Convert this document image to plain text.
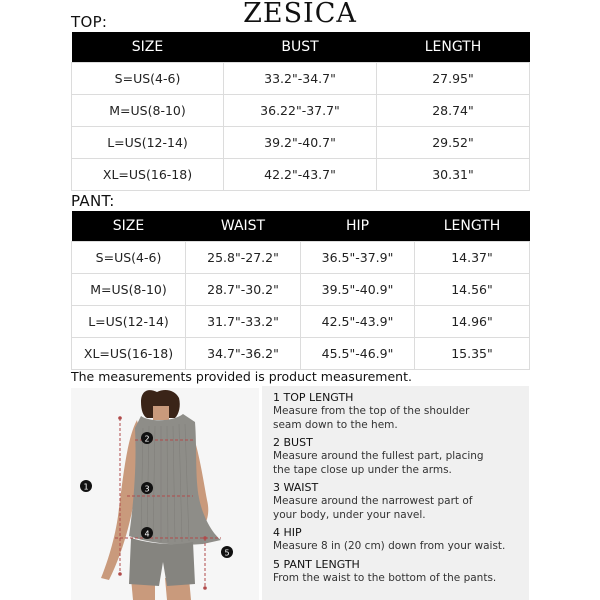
ZESICA
TOP:
SIZE	BUST	LENGTH
S=US(4-6)	33.2"-34.7"	27.95"
M=US(8-10)	36.22"-37.7"	28.74"
L=US(12-14)	39.2"-40.7"	29.52"
XL=US(16-18)	42.2"-43.7"	30.31"
PANT:
SIZE	WAIST	HIP	LENGTH
S=US(4-6)	25.8"-27.2"	36.5"-37.9"	14.37"
M=US(8-10)	28.7"-30.2"	39.5"-40.9"	14.56"
L=US(12-14)	31.7"-33.2"	42.5"-43.9"	14.96"
XL=US(16-18)	34.7"-36.2"	45.5"-46.9"	15.35"
The measurements provided is product measurement.
1
2
3
4
5
1 TOP LENGTH
Measure from the top of the shoulder
seam down to the hem.
2 BUST
Measure around the fullest part, placing
the tape close up under the arms.
3 WAIST
Measure around the narrowest part of
your body, under your navel.
4 HIP
Measure 8 in (20 cm) down from your waist.
5 PANT LENGTH
From the waist to the bottom of the pants.
